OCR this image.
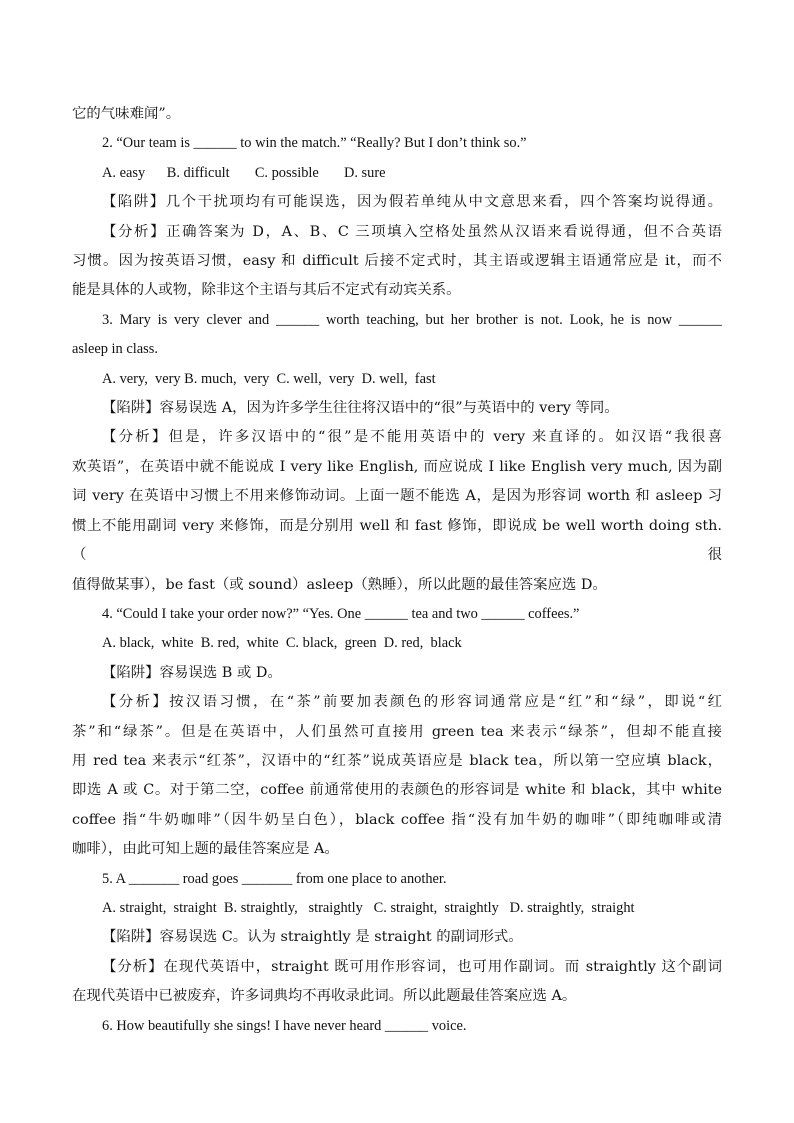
它的气味难闻”。
2. “Our team is ______ to win the match.” “Really? But I don’t think so.”
A. easy      B. difficult       C. possible       D. sure
【陷阱】几个干扰项均有可能误选，因为假若单纯从中文意思来看，四个答案均说得通。
【分析】正确答案为 D，A、B、C 三项填入空格处虽然从汉语来看说得通，但不合英语
习惯。因为按英语习惯，easy 和 difficult 后接不定式时，其主语或逻辑主语通常应是 it，而不
能是具体的人或物，除非这个主语与其后不定式有动宾关系。
3. Mary is very clever and ______ worth teaching, but her brother is not. Look, he is now ______
asleep in class.
A. very,  very B. much,  very  C. well,  very  D. well,  fast
【陷阱】容易误选 A，因为许多学生往往将汉语中的“很”与英语中的 very 等同。
【分析】但是，许多汉语中的“很”是不能用英语中的 very 来直译的。如汉语“我很喜
欢英语”，在英语中就不能说成 I very like English, 而应说成 I like English very much, 因为副
词 very 在英语中习惯上不用来修饰动词。上面一题不能选 A，是因为形容词 worth 和 asleep 习
惯上不能用副词 very 来修饰，而是分别用 well 和 fast 修饰，即说成 be well worth doing sth.（很
值得做某事），be fast（或 sound）asleep（熟睡），所以此题的最佳答案应选 D。
4. “Could I take your order now?” “Yes. One ______ tea and two ______ coffees.”
A. black,  white  B. red,  white  C. black,  green  D. red,  black
【陷阱】容易误选 B 或 D。
【分析】按汉语习惯，在“茶”前要加表颜色的形容词通常应是“红”和“绿”，即说“红
茶”和“绿茶”。但是在英语中，人们虽然可直接用 green tea 来表示“绿茶”，但却不能直接
用 red tea 来表示“红茶”，汉语中的“红茶”说成英语应是 black tea，所以第一空应填 black，
即选 A 或 C。对于第二空，coffee 前通常使用的表颜色的形容词是 white 和 black，其中 white
coffee 指“牛奶咖啡”（因牛奶呈白色），black coffee 指“没有加牛奶的咖啡”（即纯咖啡或清
咖啡），由此可知上题的最佳答案应是 A。
5. A _______ road goes _______ from one place to another.
A. straight,  straight  B. straightly,   straightly   C. straight,  straightly   D. straightly,  straight
【陷阱】容易误选 C。认为 straightly 是 straight 的副词形式。
【分析】在现代英语中，straight 既可用作形容词，也可用作副词。而 straightly 这个副词
在现代英语中已被废弃，许多词典均不再收录此词。所以此题最佳答案应选 A。
6. How beautifully she sings! I have never heard ______ voice.
